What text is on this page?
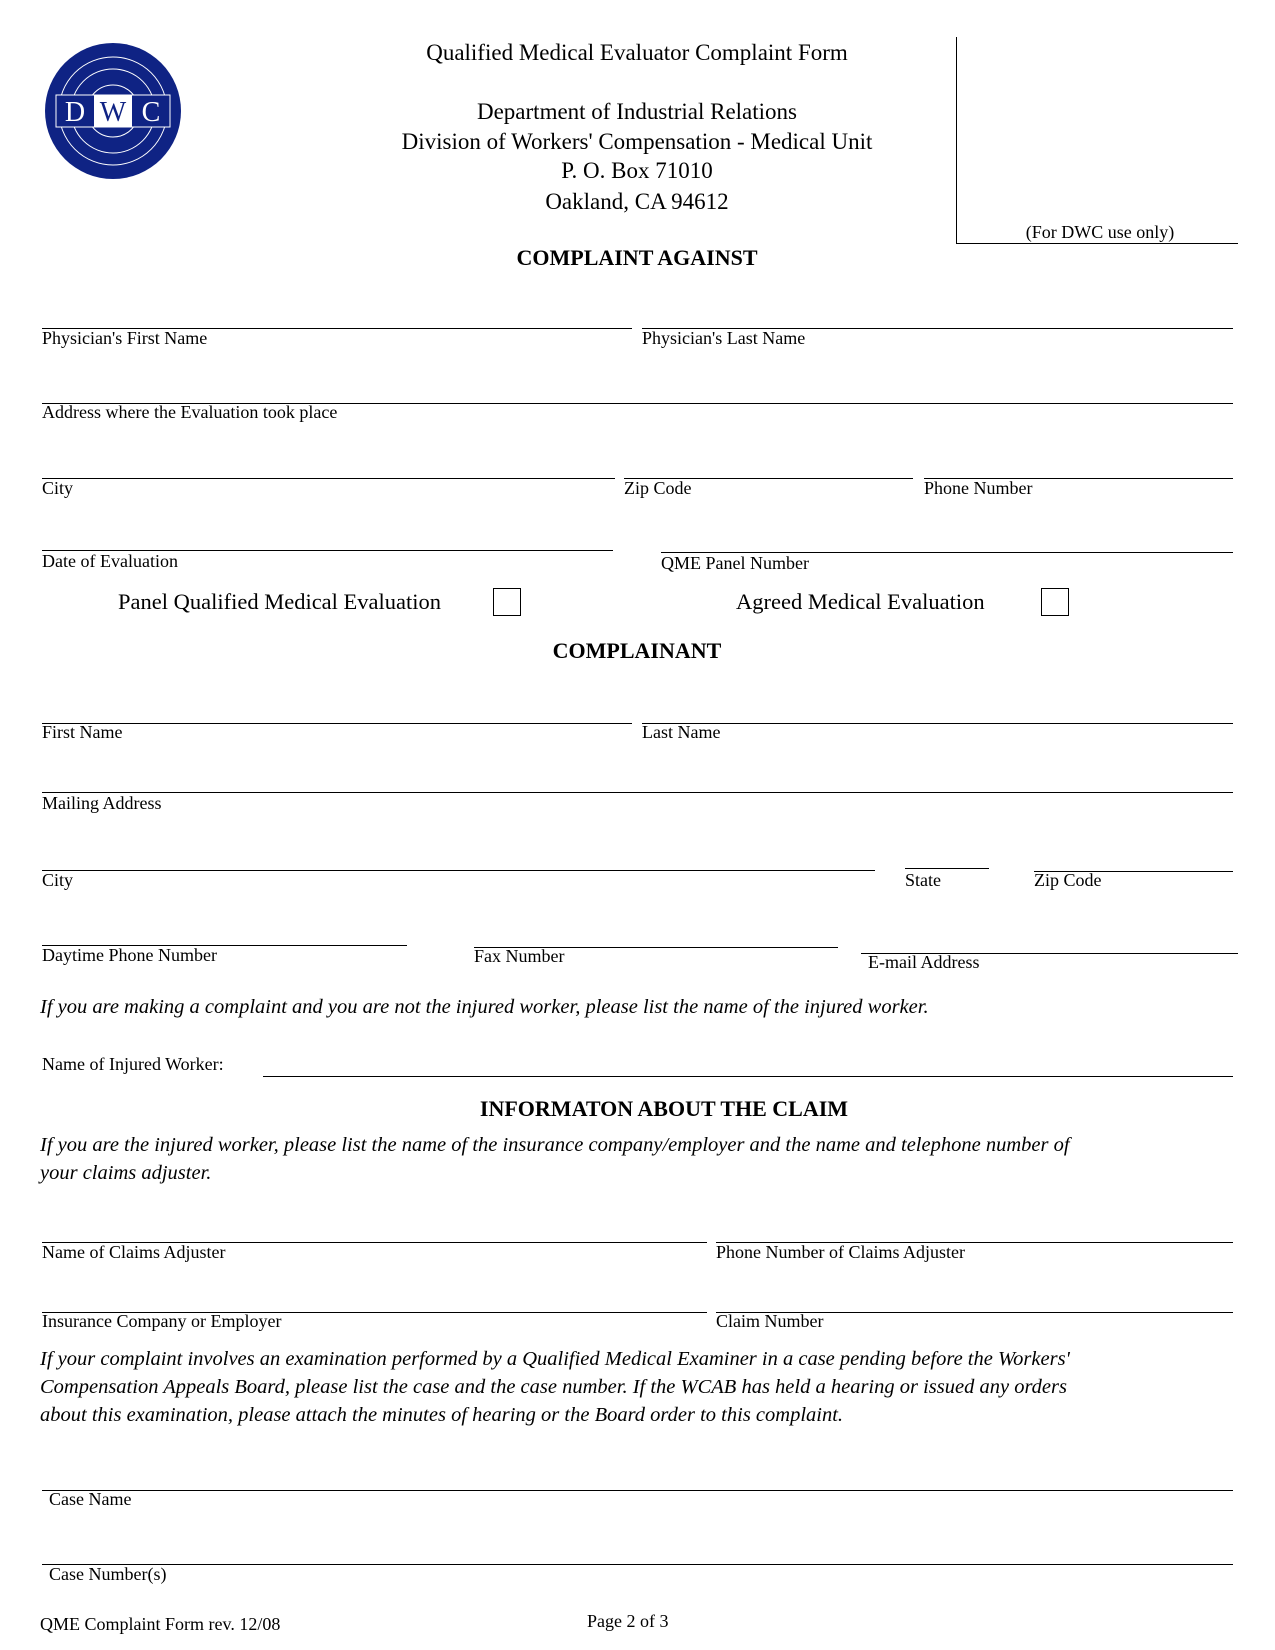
D W C
Qualified Medical Evaluator Complaint Form
Department of Industrial Relations
Division of Workers' Compensation - Medical Unit
P. O. Box 71010
Oakland, CA 94612
(For DWC use only)
COMPLAINT AGAINST
Physician's First Name	Physician's Last Name
Address where the Evaluation took place
City	Zip Code	Phone Number
Date of Evaluation	QME Panel Number
Panel Qualified Medical Evaluation	Agreed Medical Evaluation
COMPLAINANT
First Name	Last Name
Mailing Address
City	State	Zip Code
Daytime Phone Number	Fax Number	E-mail Address
If you are making a complaint and you are not the injured worker, please list the name of the injured worker.
Name of Injured Worker:
INFORMATON ABOUT THE CLAIM
If you are the injured worker, please list the name of the insurance company/employer and the name and telephone number of
your claims adjuster.
Name of Claims Adjuster	Phone Number of Claims Adjuster
Insurance Company or Employer	Claim Number
If your complaint involves an examination performed by a Qualified Medical Examiner in a case pending before the Workers'
Compensation Appeals Board, please list the case and the case number. If the WCAB has held a hearing or issued any orders
about this examination, please attach the minutes of hearing or the Board order to this complaint.
Case Name
Case Number(s)
QME Complaint Form rev. 12/08	Page 2 of 3
